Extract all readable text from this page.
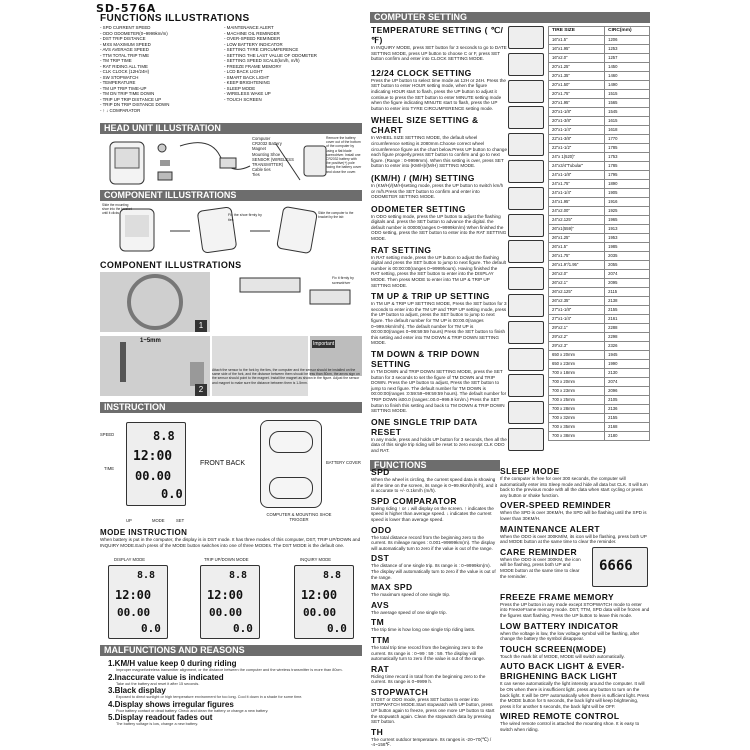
SD-576A
FUNCTIONS ILLUSTRATIONS
- SPD CURRENT SPEED
- ODO ODOMETER(0~9999km/m)
- DST TRIP DISTANCE
- MXS MAXIMUM SPEED
- AVS AVERAGE SPEED
- TTM TOTAL TRIP TIME
- TM TRIP TIME
- RAT RIDING ALL TIME
- CLK CLOCK (12H/24H)
- SW STOPWATCH
- TEMPERATURE
- TM UP TRIP TIME-UP
- TM DN TRIP TIME DOWN
- TRIP UP TRIP DISTANCE UP
- TRIP DN TRIP DISTANCE DOWN
- ↑ ↓ COMPARATOR
- MAINTENANCE ALERT
- MACHINE OIL REMINDER
- OVER-SPEED REMINDER
- LOW BATTERY INDICATOR
- SETTING TYRE CIRCUMFERENCE
- SETTING THE LAST VALUE OF ODOMETER
- SETTING SPEED SCALE(km/h, m/h)
- FREEZE FRAME MEMORY
- LCD BACK LIGHT
- SMART BACK LIGHT
- KEEP BRIGHTENING
- SLEEP MODE
- WIRELESS WAKE UP
- TOUCH SCREEN
HEAD UNIT ILLUSTRATION
Computer
CR2032 Battery
Magnet
Mounting Shoe
SENSOR (WIRELESS TRANSMITTER)
Cable ties
Ties
Remove the battery cover out of the bottom of the computer by using a flat blade screwdriver. Install one CR2032 battery with the positive(+) pole facing the battery cover and close the cover.
COMPONENT ILLUSTRATIONS
Slide the mounting shoe into the bracket until it clicks	Fix the shoe firmly by ties
Slide the computer to the bracket by the tab
COMPONENT ILLUSTRATIONS
1
2
Fix it firmly by screwdriver
1~5mm	Important
Attach the sensor to the fork by the ties, the computer and the sensor should be installed on the same side of the fork, and the distance between them should be less than 80cm, the arrow sign on the sensor should point to the magnet. Install the magnet as shown in the figure. Adjust the sensor and magnet to make sure the distance between them is 1-5mm.
INSTRUCTION
8.8
12:00
00.00
0.0
SPEED
TIME
UP	MODE	SET
FRONT BACK	BATTERY COVER
COMPUTER & MOUNTING SHOE TRIGGER
MODE INSTRUCTION
When battery is put in the computer, the display is in DST mode. It has three modes of this computer, DST, TRIP UP/DOWN and INQUIRY MODE.Each press of the MODE button switches into one of three MODEs. The DST MODE is the default one.
DISPLAY MODE	TRIP UP/DOWN MODE	INQUIRY MODE
8.8
12:00
00.00
0.0
8.8
12:00
00.00
0.0
8.8
12:00
00.00
0.0
MALFUNCTIONS AND REASONS
1.KM/H value keep 0 during riding
Improper magnet/wireless transmitter alignment, or the distance between the computer and the wireless transmitter is more than 80cm.
2.Inaccurate value is indicated
Take out the battery and reset it after 15 seconds.
3.Black display
Exposed to direct sunlight or high temperature environment for too long. Cool it down in a shade for some time.
4.Display shows irregular figures
Poor battery contact or dead battery. Check and clean the battery or change a new battery.
5.Display readout fades out
The battery voltage is low, change a new battery.
COMPUTER SETTING
TEMPERATURE SETTING ( ℃/ ℉)
In INQUIRY MODE, press SET button for 3 seconds to go to DATE SETTING MODE, press UP button to choose C or F, press SET button confirm and enter into CLOCK SETTING MODE.
12/24 CLOCK SETTING
Press the UP button to select time mode as 12H or 24H. Press the SET button to enter HOUR setting mode, when the figure indicating HOUR start to flash, press the UP button to adjust it continue to press the SET button to enter MINUTE setting mode when the figure indicating MINUTE start to flash, press the UP button to enter into TYRE CIRCUMFERENCE setting mode.
WHEEL SIZE SETTING & CHART
In WHEEL SIZE SETTING MODE, the default wheel circumference setting is 2080mm.Choose correct wheel circumference figure as the chart below.Press UP button to change each figure properly.press SET button to confirm and go to next figure. (Range : 0-9999mm). When this setting is over, press SET button to enter into (KM/H)/(M/H) SETTING MODE.
(KM/H) / (M/H) SETTING
In (KM/H)/(M/H)setting mode, press the UP button to switch km/h or m/h.Press the SET button to confirm and enter into ODOMETER SETTING MODE.
ODOMETER SETTING
In ODO setting mode, press the UP button to adjust the flashing digitals and. press the SET button to advance the digital. the default number is 00000(ranges 0~9999km/m) When finished the ODO setting, press the SET button to enter into the RAT SETTING MODE.
RAT SETTING
In RAT setting mode, press the UP button to adjust the flashing digital and press the SET button to jump to next figure. The default number is 00:00:00(ranges 0~9999hours). Having finished the RAT setting, press the SET button to enter into the DISPLAY MODE. Then press MODE to enter into TM UP & TRIP UP SETTING MODE.
TM UP & TRIP UP SETTING
In TM UP & TRIP UP SETTING MODE, Press the SET button for 3 seconds to enter into the TM UP and TRIP UP setting mode, press the UP button to adjust, press the SET button to jump to next figure. The default number for TM UP is 00:00.0(ranges 0~999.9km/m/h). The default number for TM UP is 00:00:00(ranges 0~99:59:59 hours) Press the SET button to finish this setting and enter into TM DOWN & TRIP DOWN SETTING MODE.
TM DOWN & TRIP DOWN SETTING
In TM DOWN and TRIP DOWN SETTING MODE, press the SET button for 3 seconds to set the figure of TM DOWN and TRIP DOWN. Press the UP button to adjust, Press the SET button to jump to next figure. The default number for TM DOWN is 00:00:00(ranges :0:59:59~99:59:59 hours). The default number for TRIP DOWN is00.0 (ranges:.00.0~999.9 km/m.) Press the SET button to finish this setting and back to TM DOWN & TRIP DOWN SETTING MODE.
ONE SINGLE TRIP DATA RESET
In any mode, press and holds UP button for 3 seconds, then all the data of this single trip riding will be reset to zero except CLK ODO and RAT.
TIRE SIZE	CIRC(mm)
16"x1.5"	1206
16"x1.95"	1253
16"x2.0"	1257
20"x1.25"	1450
20"x1.35"	1460
20"x1.50"	1490
20"x1.75"	1515
20"x1.95"	1565
20"x1-1/8"	1545
20"x1-3/8"	1615
20"x1-1/4"	1618
22"x1-3/8"	1770
22"x1-1/2"	1785
24"x 1(520)"	1753
24"x3/4"Tubular"	1785
24"x1-1/8"	1795
24"x1.75"	1890
24"x1-1/4"	1905
24"x1.95"	1916
24"x2.00"	1925
24"x2.125"	1965
26"x1(559)"	1913
26"x1.25"	1953
26"x1.5"	1985
26"x1.75"	2035
26"x1.9"/1.95"	2055
26"x2.0"	2074
26"x2.1"	2095
26"x2.125"	2115
26"x2.35"	2138
27"x1-1/8"	2155
27"x1-1/4"	2161
29"x2.1"	2288
29"x2.2"	2298
29"x2.3"	2326
650 x 20mm	1945
650 x 23mm	1990
700 x 18mm	2130
700 x 20mm	2074
700 x 23mm	2096
700 x 25mm	2105
700 x 28mm	2136
700 x 32mm	2155
700 x 35mm	2168
700 x 38mm	2180
FUNCTIONS
SPD
When the wheel is circling, the current speed data is showing all the time on the screen, its range is 0~99.9km/h(m/h), and it is accurate to +/- 0.1km/h (m/h).
SPD COMPARATOR
During riding ↑ or ↓ will display on the screen. ↑ indicates the speed is higher than average speed. ↓ indicates the current speed is lower than average speed.
ODO
The total distance record from the beginning zero to the current. Its mileage ranges : 0.001~99999km(m). The display will automatically turn to zero if the value is out of the range.
DST
The distance of one single trip. Its range is : 0~9999km(m). The display will automatically turn to zero if the value is out of the range.
MAX SPD
The maximum speed of one single trip.
AVS
The average speed of one single trip.
TM
The trip time is how long one single trip riding lasts.
TTM
The total trip time record from the beginning zero to the current. Its range is : 0~99 : 59 : 59. The display will automatically turn to zero if the value is out of the range.
RAT
Riding time record in total from the beginning zero to the current. Its range is 0~9999 h.
STOPWATCH
In DST or ODO mode, press SET button to enter into STOPWATCH MODE.Start stopwatch with UP button, press UP button again to freeze, press one more UP button to start the stopwatch again. Clean the stopwatch data by pressing SET button.
TH
The current outdoor temperature. Its ranges is -20~70(℃) / -4~158℉.
SLEEP MODE
If the computer is free for over 300 seconds, the computer will automatically enter into Sleep mode and hide all data but CLK. It will turn back to the previous mode with all the data when start cycling or press any button or shake function.
OVER-SPEED REMINDER
When the SPD is over 30KM/H, the SPD will be flashing until the SPD is lower than 30KM/H.
MAINTENANCE ALERT
When the ODO is over 300KM/M, its icon will be flashing, press both UP and MODE button at the same time to clear the reminder.
CARE REMINDER
When the ODO is over 300KM, the icon will be flashing, press both UP and MODE button at the same time to clear the reminder.
6666
FREEZE FRAME MEMORY
Press the UP button in any mode except STOPWATCH mode to enter into FreezeFrame memory mode. DST, TTM, SPD data will be frozen and the figures start flashing. Press the UP button to leave this mode.
LOW BATTERY INDICATOR
when the voltage is low, the low voltage symbol will be flashing, after change the battery the symbol disappear.
TOUCH SCREEN(MODE)
Touch the mark bit of MODE, MODE will switch automatically.
AUTO BACK LIGHT & EVER-BRIGHENING BACK LIGHT
It can sense automatically the light intensity around the computer. It will be ON when there is insufficient light. press any button to turn on the back light. It will be OFF automatically when there is sufficient light. Press the MODE button for 5 seconds, the back light will keep brightening, press it for another 5 seconds, the back light will be OFF.
WIRED REMOTE CONTROL
The wired remote control is attached the mounting shoe. It is easy to switch when riding.
